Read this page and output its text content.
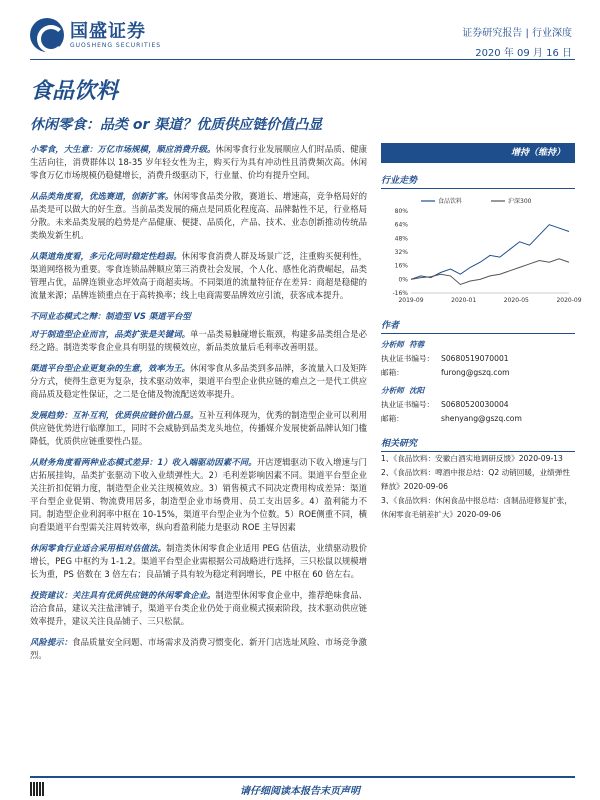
国盛证券
GUOSHENG SECURITIES
证券研究报告 | 行业深度
2020 年 09 月 16 日
食品饮料
休闲零食：品类 or 渠道？优质供应链价值凸显
小零食，大生意：万亿市场规模，顺应消费升级。休闲零食行业发展顺应人们时品质、健康生活向往，消费群体以 18-35 岁年轻女性为主，购买行为具有冲动性且消费频次高。休闲零食万亿市场规模仍稳健增长，消费升级驱动下，行业量、价均有提升空间。
从品类角度看，优选赛道，创新扩客。休闲零食品类分散，赛道长、增速高，竞争格局好的品类是可以做大的好生意。当前品类发展的痛点是同质化程度高、品牌黏性不足，行业格局分散。未来品类发展的趋势是产品健康、便捷、品质化，产品、技术、业态创新推动传统品类焕发新生机。
从渠道角度看，多元化同时稳定性趋弱。休闲零食消费人群及场景广泛，注重购买便利性，渠道网络极为重要。零食连锁品牌顺应第三消费社会发展，个人化、感性化消费崛起，品类管理占优，品牌连锁业态坪效高于商超卖场。不同渠道的流量特征存在差异：商超是稳健的流量来源；品牌连锁重点在于高转换率；线上电商需要品牌效应引流，获客成本提升。
不同业态模式之辩：制造型 VS 渠道平台型
对于制造型企业而言，品类扩张是关键词。单一品类易触碰增长瓶颈，构建多品类组合是必经之路。制造类零食企业具有明显的规模效应，新品类放量后毛利率改善明显。
渠道平台型企业更复杂的生意，效率为王。休闲零食从多品类到多品牌，多流量入口及矩阵分方式，使得生意更为复杂，技术驱动效率，渠道平台型企业供应链的难点之一是代工供应商品质及稳定性保证，之二是仓储及物流配送效率提升。
发展趋势：互补互利，优质供应链价值凸显。互补互利体现为，优秀的制造型企业可以利用供应链优势进行临摩加工，同时不会威胁到品类龙头地位，传播媒介发展使新品牌认知门槛降低，优质供应链重要性凸显。
从财务角度看两种业态模式差异：1）收入端驱动因素不同。开店逻辑驱动下收入增速与门店拓展挂钩，品类扩张驱动下收入业绩弹性大。2）毛利差影响因素不同。渠道平台型企业关注折扣促销力度，制造型企业关注规模效应。3）销售模式不同决定费用构成差异：渠道平台型企业促销、物流费用居多，制造型企业市场费用、员工支出居多。4）盈利能力不同。制造型企业利润率中枢在 10-15%，渠道平台型企业为个位数。5）ROE侧重不同，横向看渠道平台型需关注周转效率，纵向看盈利能力是驱动 ROE 主导因素
休闲零食行业适合采用相对估值法。制造类休闲零食企业适用 PEG 估值法，业绩驱动股价增长，PEG 中枢约为 1-1.2。渠道平台型企业需根据公司战略进行选择，三只松鼠以规模增长为重，PS 倍数在 3 倍左右；良品铺子具有较为稳定利润增长，PE 中枢在 60 倍左右。
投资建议：关注具有优质供应链的休闲零食企业。制造型休闲零食企业中，推荐绝味食品、洽洽食品，建议关注盐津铺子，渠道平台类企业仍处于商业模式摸索阶段，技术驱动供应链效率提升，建议关注良品铺子、三只松鼠。
风险提示：食品质量安全问题、市场需求及消费习惯变化、新开门店选址风险、市场竞争激烈。
增持（维持）
行业走势
-16%
0%
16%
32%
48%
64%
80%
2019-09	2020-01	2020-05	2020-09
食品饮料	沪深300
作者
分析师 符蓉
执业证书编号： S0680519070001
邮箱：	furong@gszq.com
分析师 沈阳
执业证书编号： S0680520030004
邮箱：	shenyang@gszq.com
相关研究
1、《食品饮料：安徽白酒实地调研反馈》2020-09-13
2、《食品饮料：啤酒中报总结：Q2 动销回暖，业绩弹性释放》2020-09-06
3、《食品饮料：休闲食品中报总结：卤制品迎修复扩张，休闲零食毛销差扩大》2020-09-06
请仔细阅读本报告末页声明
